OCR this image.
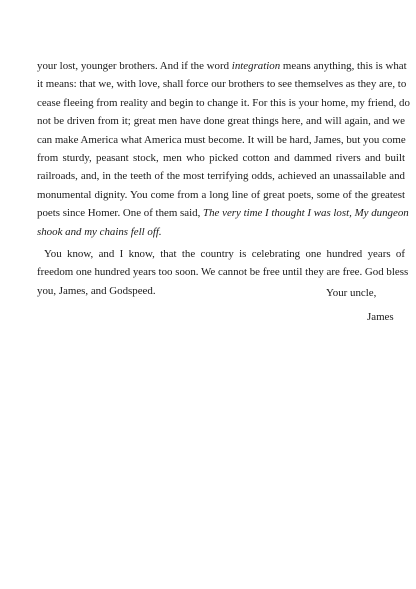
your lost, younger brothers. And if the word integration means anything, this is what
it means: that we, with love, shall force our brothers to see themselves as they are, to
cease fleeing from reality and begin to change it. For this is your home, my friend, do
not be driven from it; great men have done great things here, and will again, and we
can make America what America must become. It will be hard, James, but you come
from sturdy, peasant stock, men who picked cotton and dammed rivers and built
railroads, and, in the teeth of the most terrifying odds, achieved an unassailable and
monumental dignity. You come from a long line of great poets, some of the greatest
poets since Homer. One of them said, The very time I thought I was lost, My dungeon
shook and my chains fell off.
You know, and I know, that the country is celebrating one hundred years of
freedom one hundred years too soon. We cannot be free until they are free. God bless
you, James, and Godspeed.	Your uncle,
James
